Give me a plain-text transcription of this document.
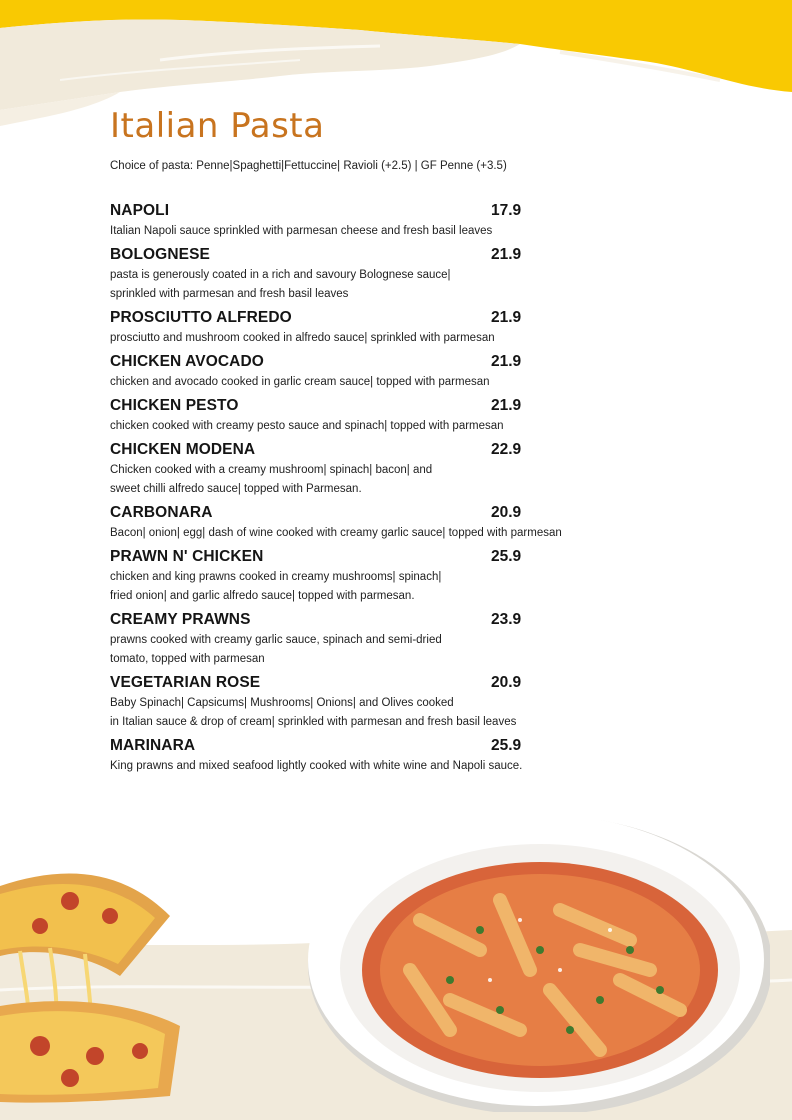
Italian Pasta
Choice of pasta: Penne|Spaghetti|Fettuccine| Ravioli (+2.5) | GF Penne (+3.5)
NAPOLI	17.9
Italian Napoli sauce sprinkled with parmesan cheese and fresh basil leaves
BOLOGNESE	21.9
pasta is generously coated in a rich and savoury Bolognese sauce|
sprinkled with parmesan and fresh basil leaves
PROSCIUTTO ALFREDO	21.9
prosciutto and mushroom cooked in alfredo sauce| sprinkled with parmesan
CHICKEN AVOCADO	21.9
chicken and avocado cooked in garlic cream sauce| topped with parmesan
CHICKEN PESTO	21.9
chicken cooked with creamy pesto sauce and spinach| topped with parmesan
CHICKEN MODENA	22.9
Chicken cooked with a creamy mushroom| spinach| bacon| and
sweet chilli alfredo sauce| topped with Parmesan.
CARBONARA	20.9
Bacon| onion| egg| dash of wine cooked with creamy garlic sauce| topped with parmesan
PRAWN N' CHICKEN	25.9
chicken and king prawns cooked in creamy mushrooms| spinach|
fried onion| and garlic alfredo sauce| topped with parmesan.
CREAMY PRAWNS	23.9
prawns cooked with creamy garlic sauce, spinach and semi-dried
tomato, topped with parmesan
VEGETARIAN ROSE	20.9
Baby Spinach| Capsicums| Mushrooms| Onions| and Olives cooked
in Italian sauce & drop of cream| sprinkled with parmesan and fresh basil leaves
MARINARA	25.9
King prawns and mixed seafood lightly cooked with white wine and Napoli sauce.
